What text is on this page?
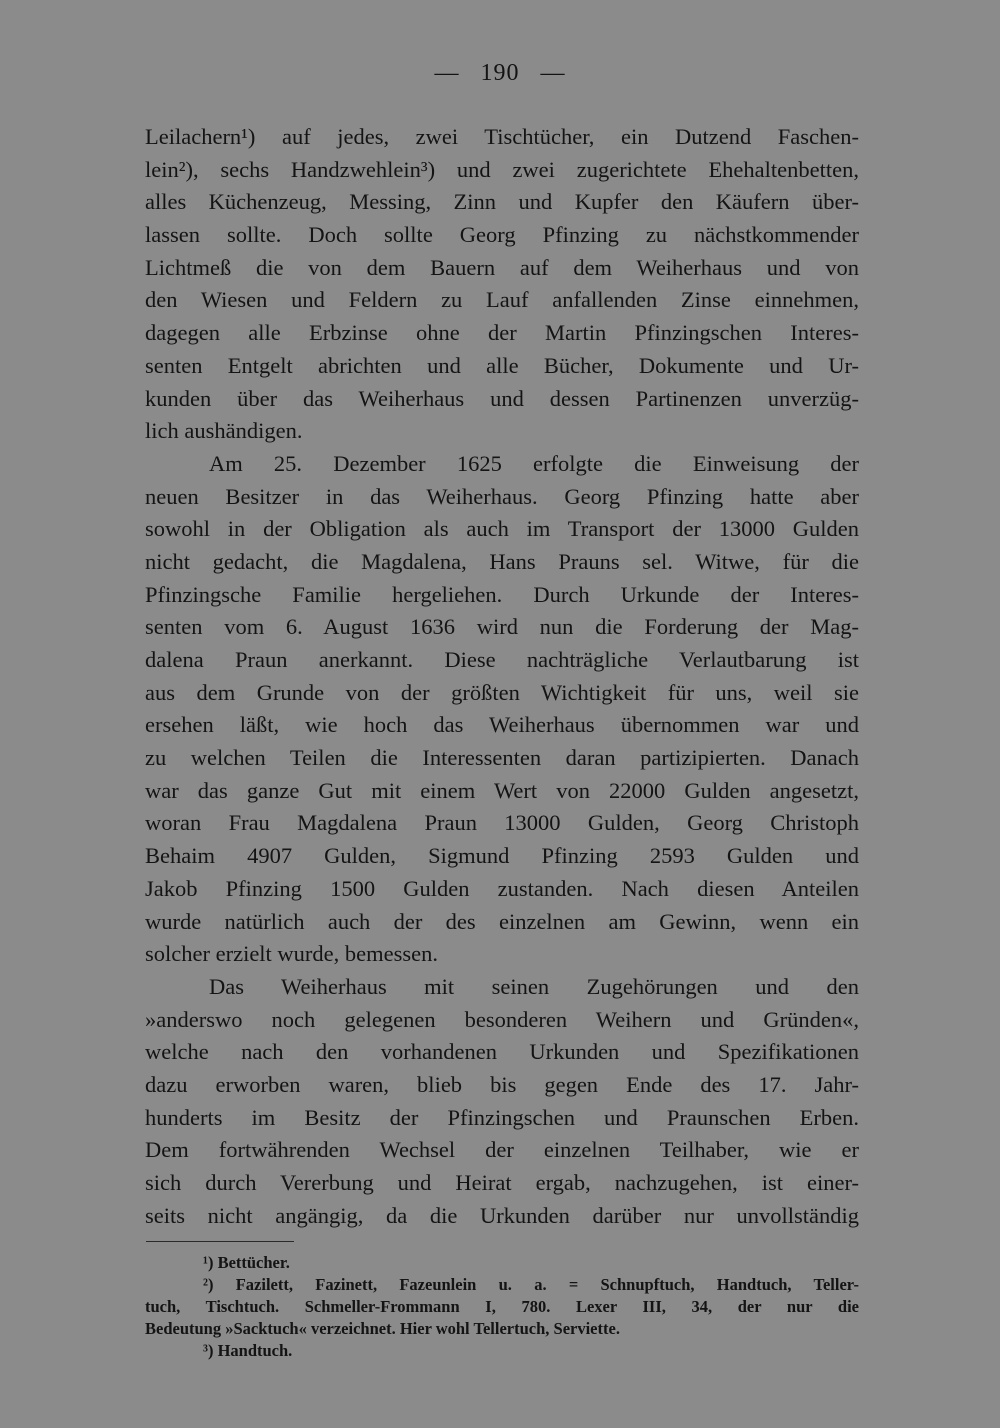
— 190 —
Leilachern¹) auf jedes, zwei Tischtücher, ein Dutzend Faschen-
lein²), sechs Handzwehlein³) und zwei zugerichtete Ehehaltenbetten,
alles Küchenzeug, Messing, Zinn und Kupfer den Käufern über-
lassen sollte. Doch sollte Georg Pfinzing zu nächstkommender
Lichtmeß die von dem Bauern auf dem Weiherhaus und von
den Wiesen und Feldern zu Lauf anfallenden Zinse einnehmen,
dagegen alle Erbzinse ohne der Martin Pfinzingschen Interes-
senten Entgelt abrichten und alle Bücher, Dokumente und Ur-
kunden über das Weiherhaus und dessen Partinenzen unverzüg-
lich aushändigen.
Am 25. Dezember 1625 erfolgte die Einweisung der
neuen Besitzer in das Weiherhaus. Georg Pfinzing hatte aber
sowohl in der Obligation als auch im Transport der 13000 Gulden
nicht gedacht, die Magdalena, Hans Prauns sel. Witwe, für die
Pfinzingsche Familie hergeliehen. Durch Urkunde der Interes-
senten vom 6. August 1636 wird nun die Forderung der Mag-
dalena Praun anerkannt. Diese nachträgliche Verlautbarung ist
aus dem Grunde von der größten Wichtigkeit für uns, weil sie
ersehen läßt, wie hoch das Weiherhaus übernommen war und
zu welchen Teilen die Interessenten daran partizipierten. Danach
war das ganze Gut mit einem Wert von 22000 Gulden angesetzt,
woran Frau Magdalena Praun 13000 Gulden, Georg Christoph
Behaim 4907 Gulden, Sigmund Pfinzing 2593 Gulden und
Jakob Pfinzing 1500 Gulden zustanden. Nach diesen Anteilen
wurde natürlich auch der des einzelnen am Gewinn, wenn ein
solcher erzielt wurde, bemessen.
Das Weiherhaus mit seinen Zugehörungen und den
»anderswo noch gelegenen besonderen Weihern und Gründen«,
welche nach den vorhandenen Urkunden und Spezifikationen
dazu erworben waren, blieb bis gegen Ende des 17. Jahr-
hunderts im Besitz der Pfinzingschen und Praunschen Erben.
Dem fortwährenden Wechsel der einzelnen Teilhaber, wie er
sich durch Vererbung und Heirat ergab, nachzugehen, ist einer-
seits nicht angängig, da die Urkunden darüber nur unvollständig
¹) Bettücher.
²) Fazilett, Fazinett, Fazeunlein u. a. = Schnupftuch, Handtuch, Teller-
tuch, Tischtuch. Schmeller-Frommann I, 780. Lexer III, 34, der nur die
Bedeutung »Sacktuch« verzeichnet. Hier wohl Tellertuch, Serviette.
³) Handtuch.
